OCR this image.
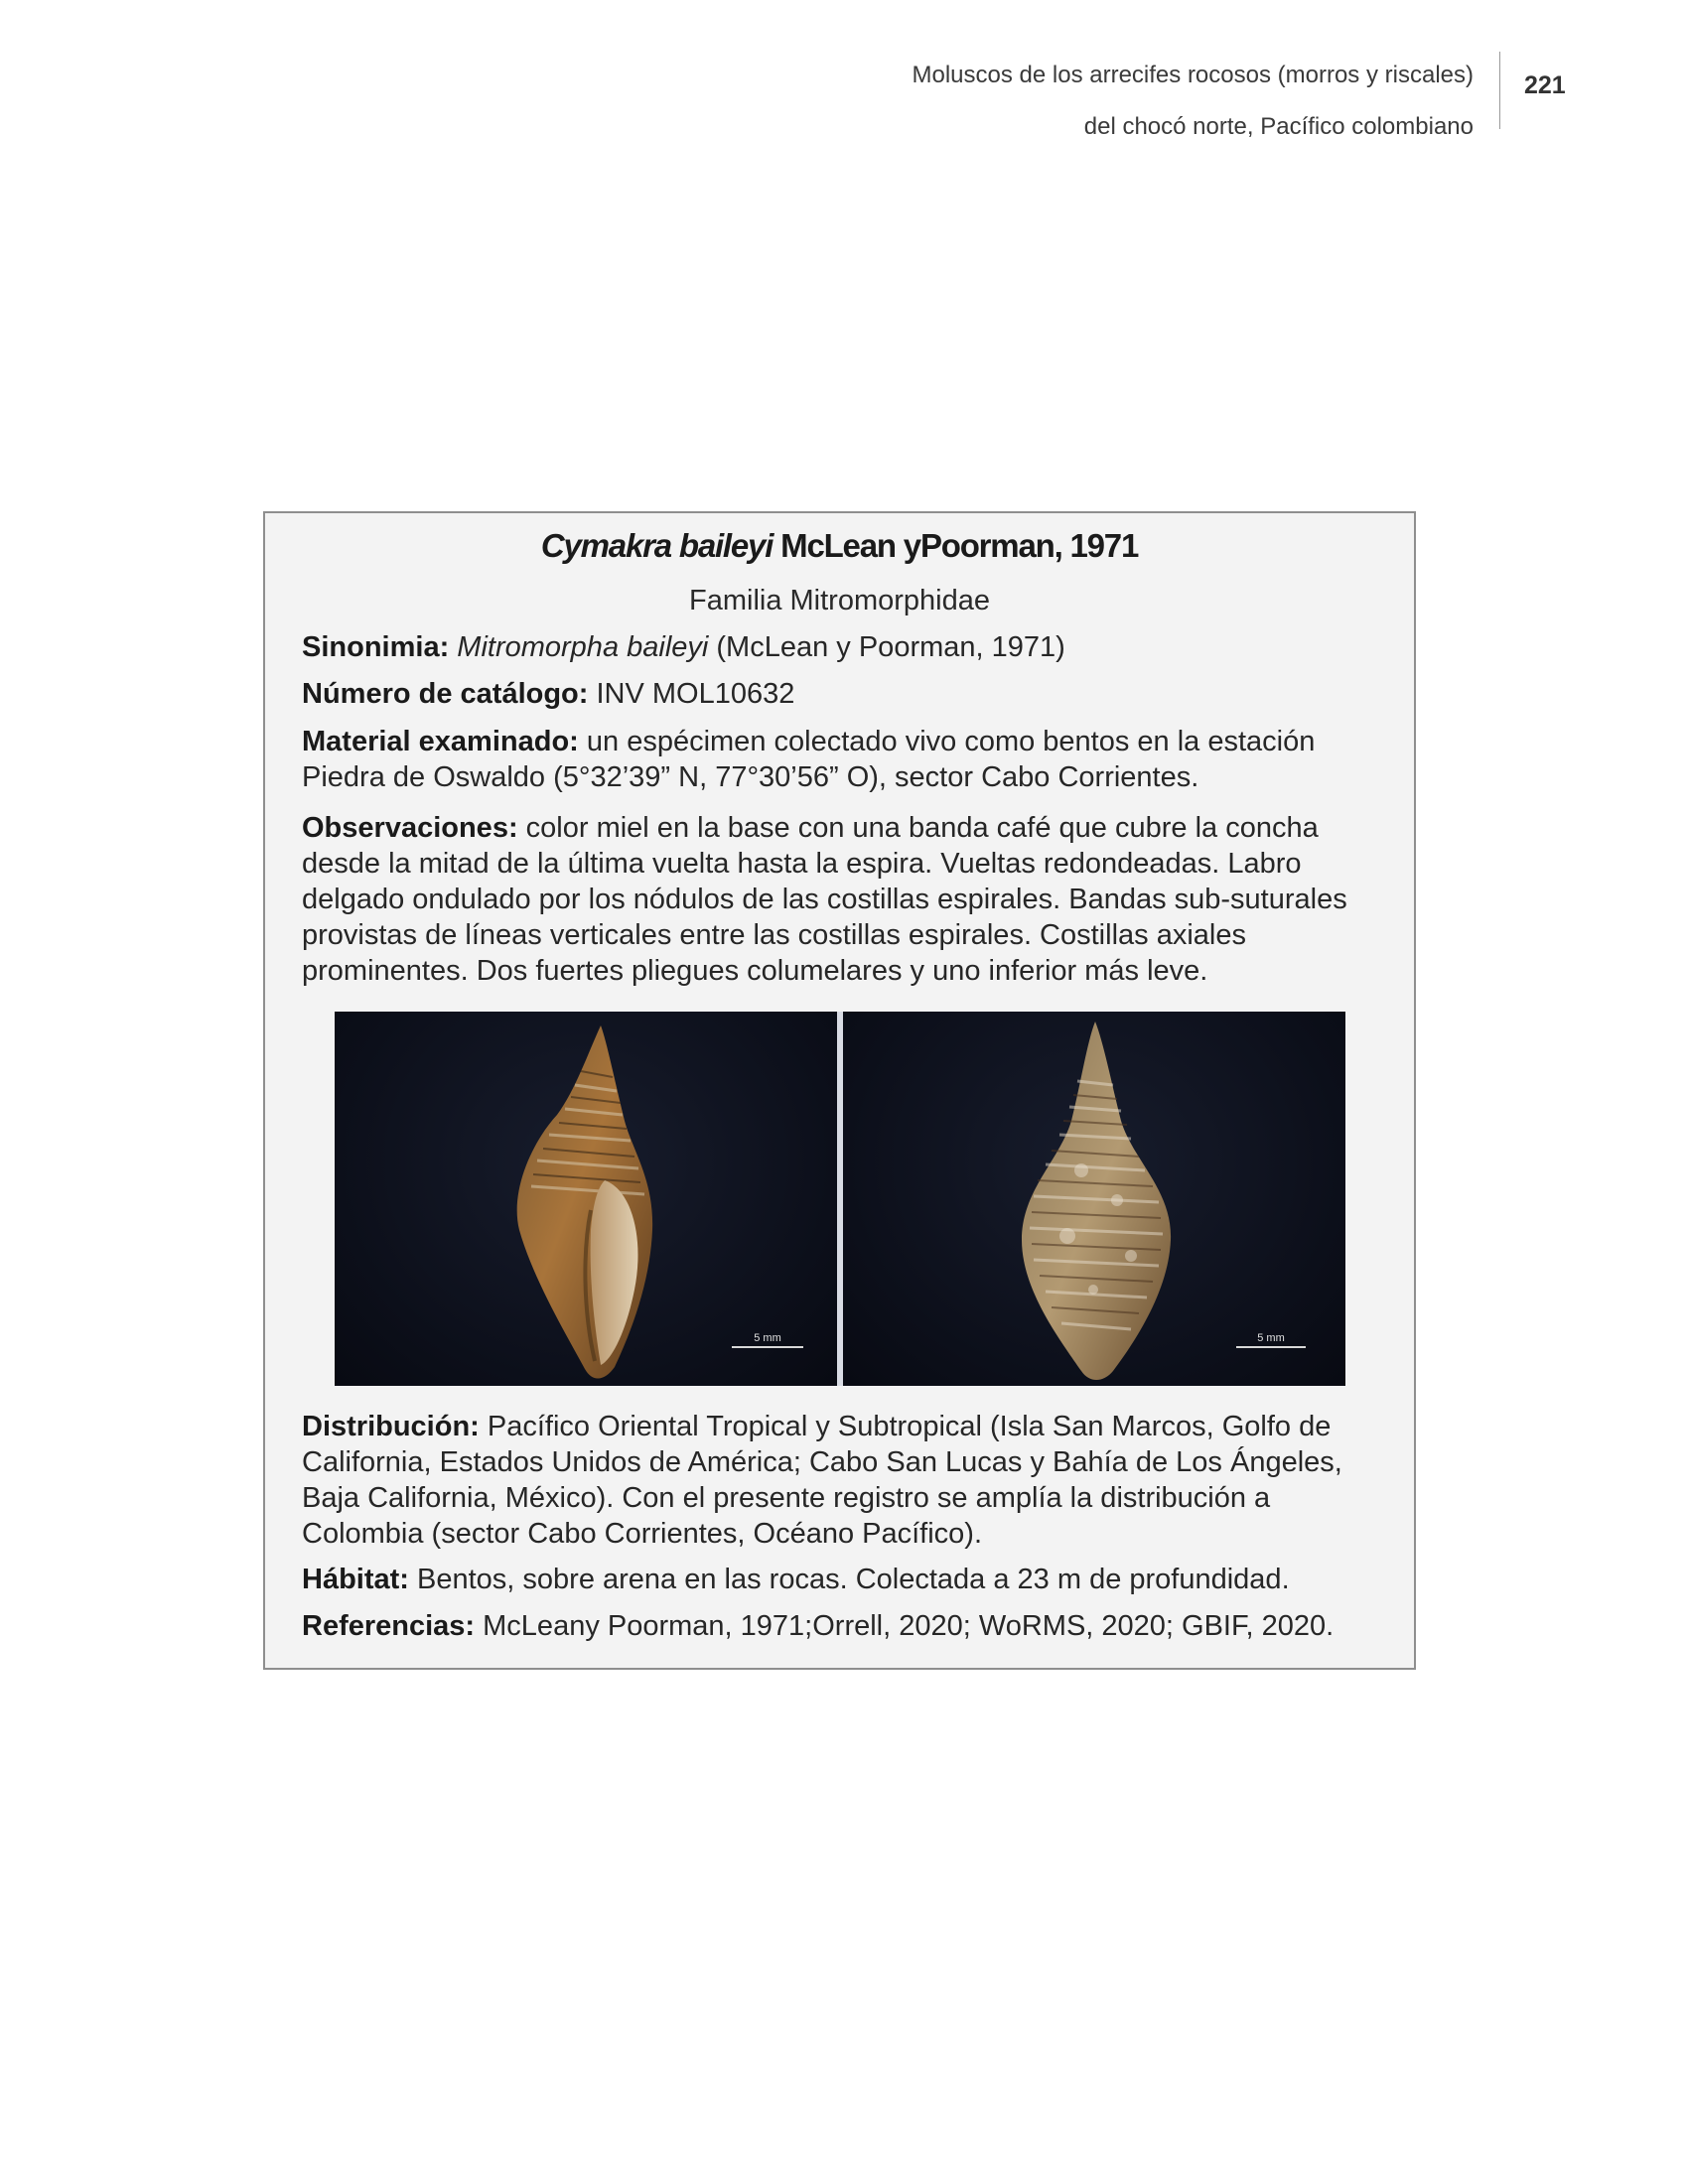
Moluscos de los arrecifes rocosos (morros y riscales)
del chocó norte, Pacífico colombiano
221
Cymakra baileyi McLean yPoorman, 1971
Familia Mitromorphidae
Sinonimia: Mitromorpha baileyi (McLean y Poorman, 1971)
Número de catálogo: INV MOL10632
Material examinado: un espécimen colectado vivo como bentos en la estación Piedra de Oswaldo (5°32’39” N, 77°30’56” O), sector Cabo Corrientes.
Observaciones: color miel en la base con una banda café que cubre la concha desde la mitad de la última vuelta hasta la espira. Vueltas redondeadas. Labro delgado ondulado por los nódulos de las costillas espirales. Bandas sub-suturales provistas de líneas verticales entre las costillas espirales. Costillas axiales prominentes. Dos fuertes pliegues columelares y uno inferior más leve.
5 mm	5 mm
Distribución: Pacífico Oriental Tropical y Subtropical (Isla San Marcos, Golfo de California, Estados Unidos de América; Cabo San Lucas y Bahía de Los Ángeles, Baja California, México). Con el presente registro se amplía la distribución a Colombia (sector Cabo Corrientes, Océano Pacífico).
Hábitat: Bentos, sobre arena en las rocas. Colectada a 23 m de profundidad.
Referencias: McLeany Poorman, 1971;Orrell, 2020; WoRMS, 2020; GBIF, 2020.
